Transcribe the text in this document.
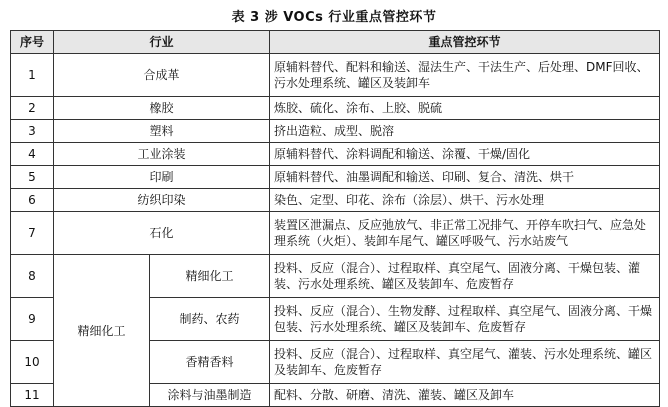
表 3 涉 VOCs 行业重点管控环节
序号	行业		重点管控环节
1	合成革		原辅料替代、配料和输送、湿法生产、干法生产、后处理、DMF回收、污水处理系统、罐区及装卸车
2	橡胶		炼胶、硫化、涂布、上胶、脱硫
3	塑料		挤出造粒、成型、脱溶
4	工业涂装		原辅料替代、涂料调配和输送、涂覆、干燥/固化
5	印刷		原辅料替代、油墨调配和输送、印刷、复合、清洗、烘干
6	纺织印染		染色、定型、印花、涂布（涂层）、烘干、污水处理
7	石化		装置区泄漏点、反应弛放气、非正常工况排气、开停车吹扫气、应急处理系统（火炬）、装卸车尾气、罐区呼吸气、污水站废气
8	精细化工	精细化工	投料、反应（混合）、过程取样、真空尾气、固液分离、干燥包装、灌装、污水处理系统、罐区及装卸车、危废暂存
9		制药、农药	投料、反应（混合）、生物发酵、过程取样、真空尾气、固液分离、干燥包装、污水处理系统、罐区及装卸车、危废暂存
10		香精香料	投料、反应（混合）、过程取样、真空尾气、灌装、污水处理系统、罐区及装卸车、危废暂存
11		涂料与油墨制造	配料、分散、研磨、清洗、灌装、罐区及卸车
